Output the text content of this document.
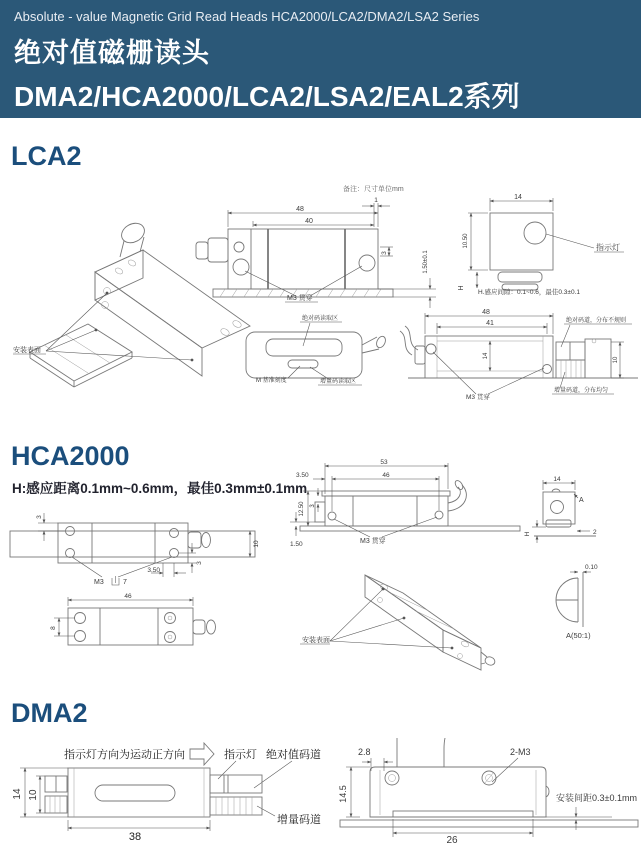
Absolute - value Magnetic Grid Read Heads HCA2000/LCA2/DMA2/LSA2 Series
绝对值磁栅读头
DMA2/HCA2000/LCA2/LSA2/EAL2系列
LCA2
HCA2000
H:感应距离0.1mm~0.6mm，最佳0.3mm±0.1mm
DMA2
备注：尺寸单位mm
安装表面
48
40
1
3	1.50±0.1
M3 贯穿
14
10.50
H
H.感应间隙：0.1~0.6，最佳0.3±0.1
指示灯
绝对码读取区
M 基准刻度	增量码读取区
14
48
41
10
绝对码道，分布不规则
增量码道，分布均匀
M3 贯穿
3
M3	7
3.50
3
10
53
46
3.50
12.50 3
1.50	M3 贯穿
14
A
2
H
46
8
安装表面
0.10
A(50:1)
指示灯方向为运动正方向	指示灯 绝对值码道
增量码道
14 10
38
2.8	2-M3
14.5
26
安装间距0.3±0.1mm
